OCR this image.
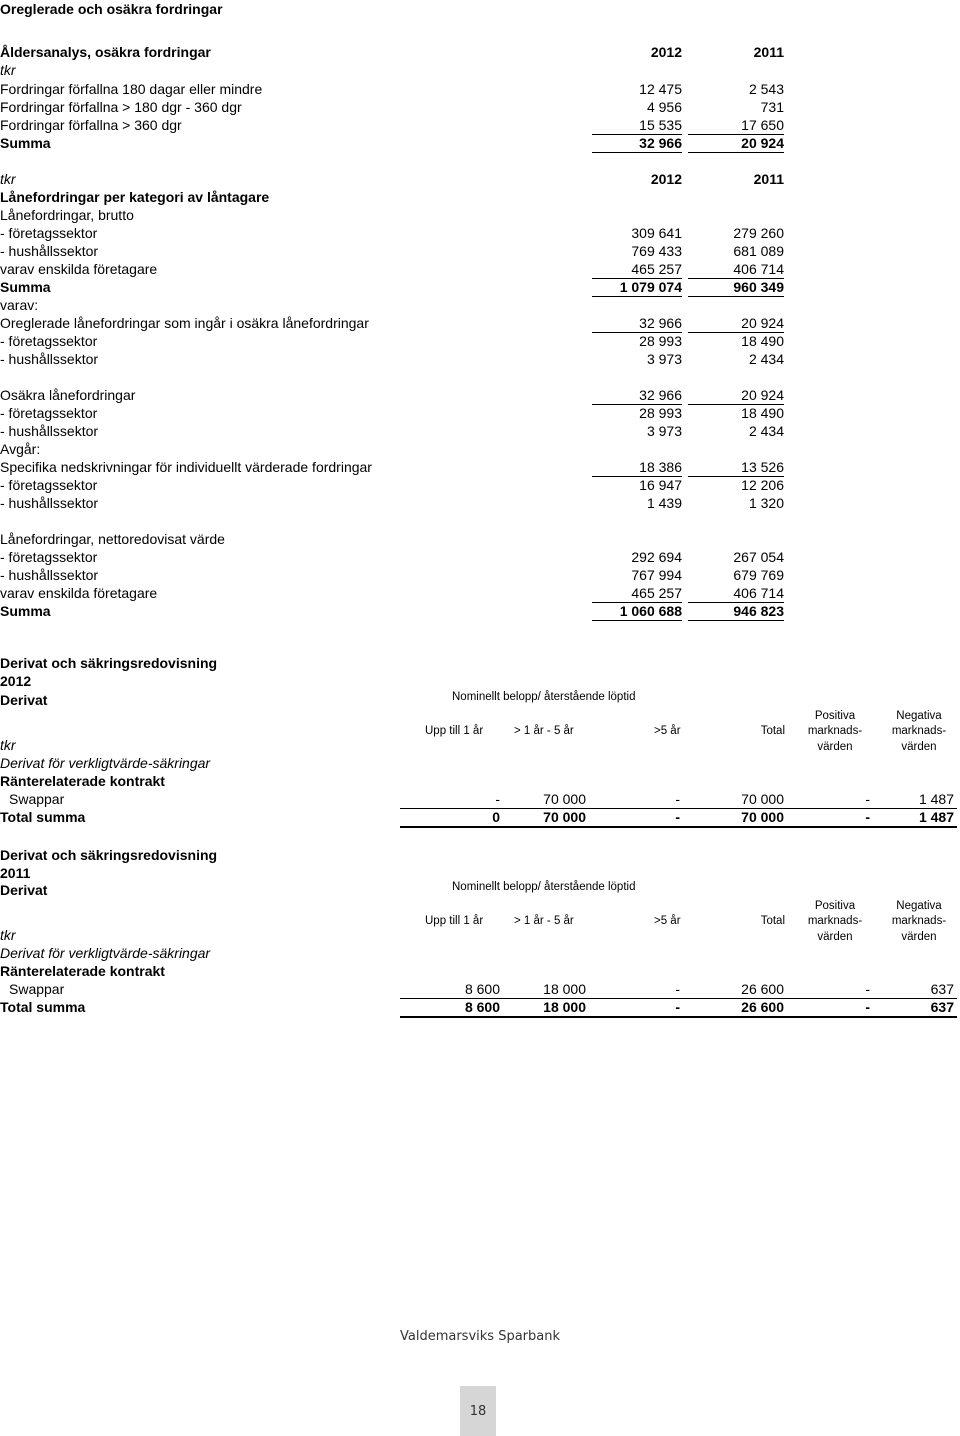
Oreglerade och osäkra fordringar
Åldersanalys, osäkra fordringar	2012	2011
tkr
Fordringar förfallna 180 dagar eller mindre	12 475	2 543
Fordringar förfallna > 180 dgr - 360 dgr	4 956	731
Fordringar förfallna > 360 dgr	15 535	17 650
Summa	32 966	20 924
tkr	2012	2011
Lånefordringar per kategori av låntagare
Lånefordringar, brutto
- företagssektor	309 641	279 260
- hushållssektor	769 433	681 089
varav enskilda företagare	465 257	406 714
Summa	1 079 074	960 349
varav:
Oreglerade lånefordringar som ingår i osäkra lånefordringar	32 966	20 924
- företagssektor	28 993	18 490
- hushållssektor	3 973	2 434
Osäkra lånefordringar	32 966	20 924
- företagssektor	28 993	18 490
- hushållssektor	3 973	2 434
Avgår:
Specifika nedskrivningar för individuellt värderade fordringar	18 386	13 526
- företagssektor	16 947	12 206
- hushållssektor	1 439	1 320
Lånefordringar, nettoredovisat värde
- företagssektor	292 694	267 054
- hushållssektor	767 994	679 769
varav enskilda företagare	465 257	406 714
Summa	1 060 688	946 823
Derivat och säkringsredovisning
2012
Derivat	Nominellt belopp/ återstående löptid
Positiva	Negativa
Upp till 1 år	> 1 år - 5 år	>5 år	Total	marknads-	marknads-
värden	värden
tkr
Derivat för verkligtvärde-säkringar
Ränterelaterade kontrakt
Swappar	-	70 000	-	70 000	-	1 487
Total summa	0	70 000	-	70 000	-	1 487
Derivat och säkringsredovisning
2011
Derivat	Nominellt belopp/ återstående löptid
Positiva	Negativa
Upp till 1 år	> 1 år - 5 år	>5 år	Total	marknads-	marknads-
värden	värden
tkr
Derivat för verkligtvärde-säkringar
Ränterelaterade kontrakt
Swappar	8 600	18 000	-	26 600	-	637
Total summa	8 600	18 000	-	26 600	-	637
Valdemarsviks Sparbank
18
